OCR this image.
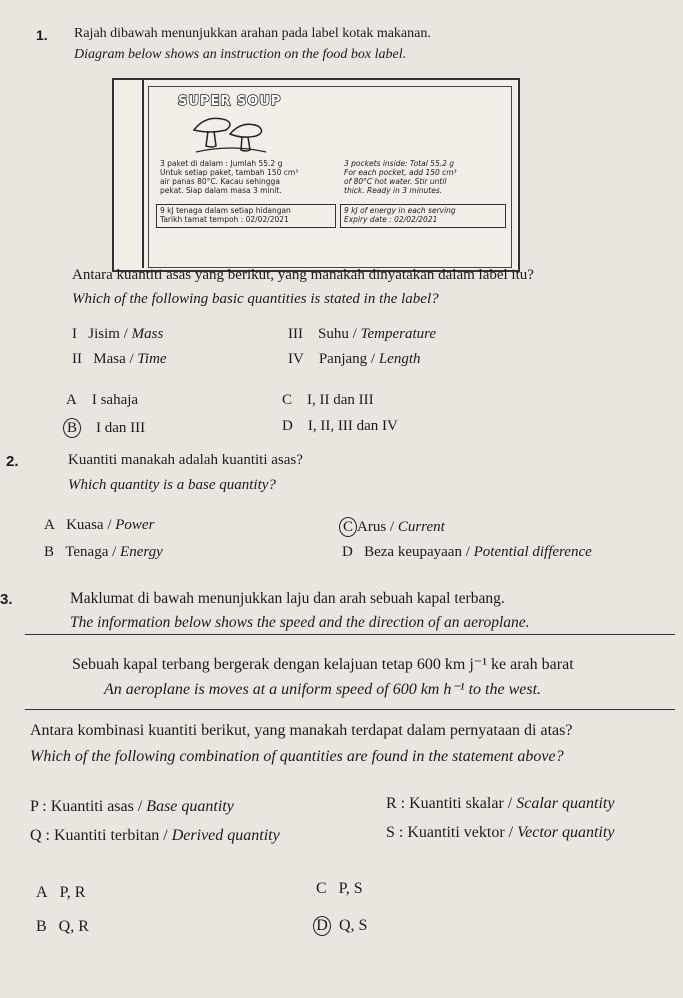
1. Rajah dibawah menunjukkan arahan pada label kotak makanan.
Diagram below shows an instruction on the food box label.
SUPER SOUP
3 paket di dalam : Jumlah 55.2 g
Untuk setiap paket, tambah 150 cm³
air panas 80°C. Kacau sehingga
pekat. Siap dalam masa 3 minit.
3 pockets inside: Total 55.2 g
For each pocket, add 150 cm³
of 80°C hot water. Stir until
thick. Ready in 3 minutes.
9 kJ tenaga dalam setiap hidangan
Tarikh tamat tempoh : 02/02/2021
9 kJ of energy in each serving
Expiry date : 02/02/2021
Antara kuantiti asas yang berikut, yang manakah dinyatakan dalam label itu?
Which of the following basic quantities is stated in the label?
I Jisim / Mass
II Masa / Time
III Suhu / Temperature
IV Panjang / Length
A    I sahaja
B I dan III
C    I, II dan III
D    I, II, III dan IV
2.	Kuantiti manakah adalah kuantiti asas?
Which quantity is a base quantity?
A   Kuasa / Power
B   Tenaga / Energy
C Arus / Current
D   Beza keupayaan / Potential difference
3.	Maklumat di bawah menunjukkan laju dan arah sebuah kapal terbang.
The information below shows the speed and the direction of an aeroplane.
Sebuah kapal terbang bergerak dengan kelajuan tetap 600 km j⁻¹ ke arah barat
An aeroplane is moves at a uniform speed of 600 km h⁻¹ to the west.
Antara kombinasi kuantiti berikut, yang manakah terdapat dalam pernyataan di atas?
Which of the following combination of quantities are found in the statement above?
P : Kuantiti asas / Base quantity
Q : Kuantiti terbitan / Derived quantity
R : Kuantiti skalar / Scalar quantity
S : Kuantiti vektor / Vector quantity
A   P, R
B   Q, R
C   P, S
D Q, S
